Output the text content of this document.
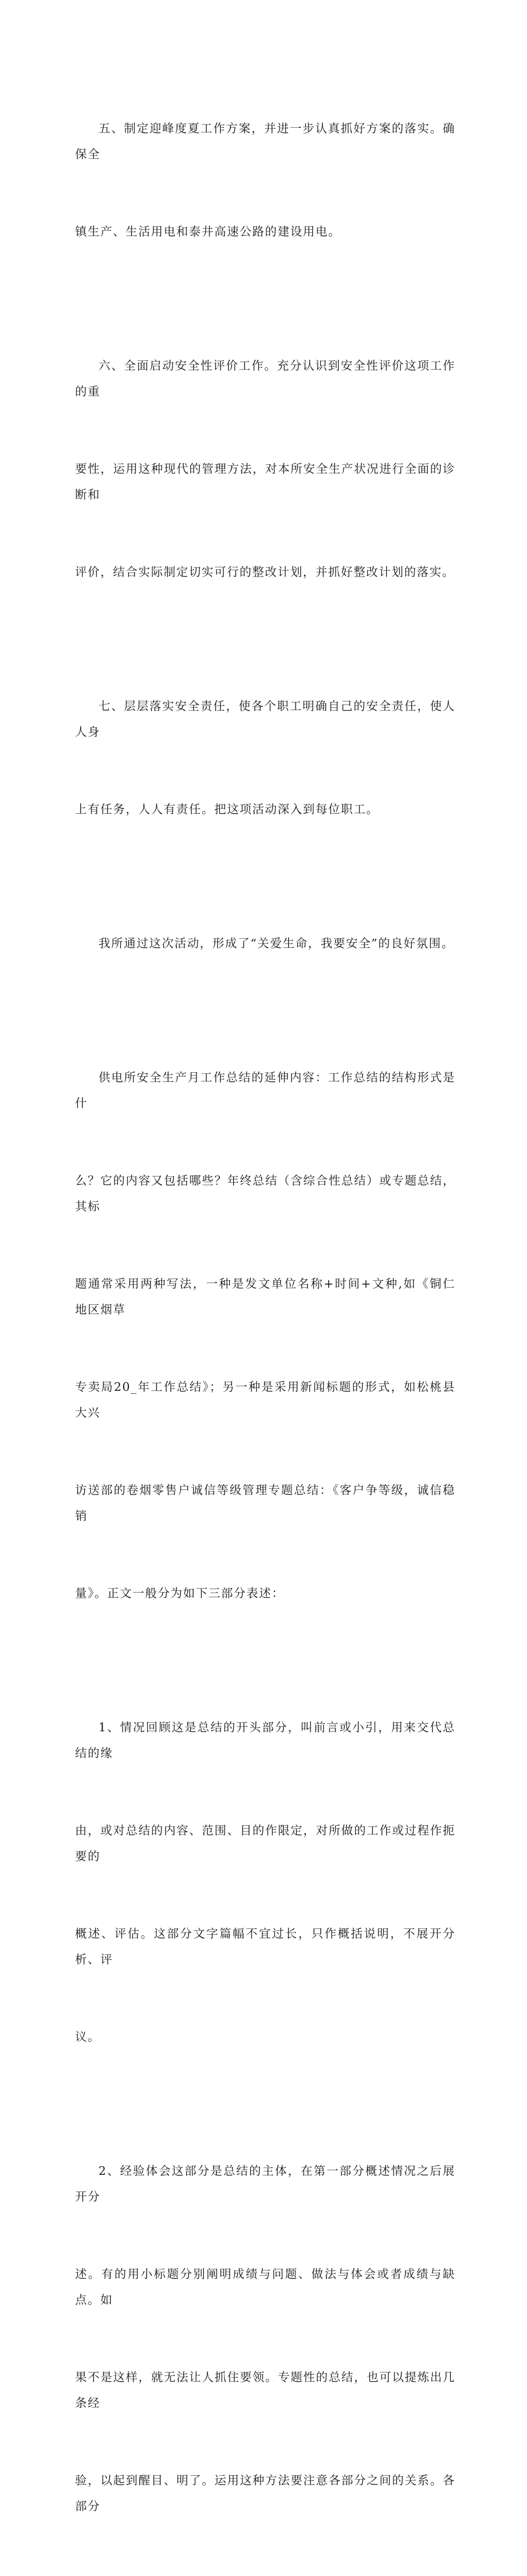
五、制定迎峰度夏工作方案，并进一步认真抓好方案的落实。确保全

镇生产、生活用电和泰井高速公路的建设用电。

六、全面启动安全性评价工作。充分认识到安全性评价这项工作的重

要性，运用这种现代的管理方法，对本所安全生产状况进行全面的诊断和

评价，结合实际制定切实可行的整改计划，并抓好整改计划的落实。

七、层层落实安全责任，使各个职工明确自己的安全责任，使人人身

上有任务，人人有责任。把这项活动深入到每位职工。

我所通过这次活动，形成了“关爱生命，我要安全”的良好氛围。

供电所安全生产月工作总结的延伸内容：工作总结的结构形式是什

么？它的内容又包括哪些？年终总结（含综合性总结）或专题总结，其标

题通常采用两种写法，一种是发文单位名称+时间+文种,如《铜仁地区烟草

专卖局20_年工作总结》；另一种是采用新闻标题的形式，如松桃县大兴

访送部的卷烟零售户诚信等级管理专题总结：《客户争等级，诚信稳销

量》。正文一般分为如下三部分表述：

1、情况回顾这是总结的开头部分，叫前言或小引，用来交代总结的缘

由，或对总结的内容、范围、目的作限定，对所做的工作或过程作扼要的

概述、评估。这部分文字篇幅不宜过长，只作概括说明，不展开分析、评

议。

2、经验体会这部分是总结的主体，在第一部分概述情况之后展开分

述。有的用小标题分别阐明成绩与问题、做法与体会或者成绩与缺点。如

果不是这样，就无法让人抓住要领。专题性的总结，也可以提炼出几条经

验，以起到醒目、明了。运用这种方法要注意各部分之间的关系。各部分
